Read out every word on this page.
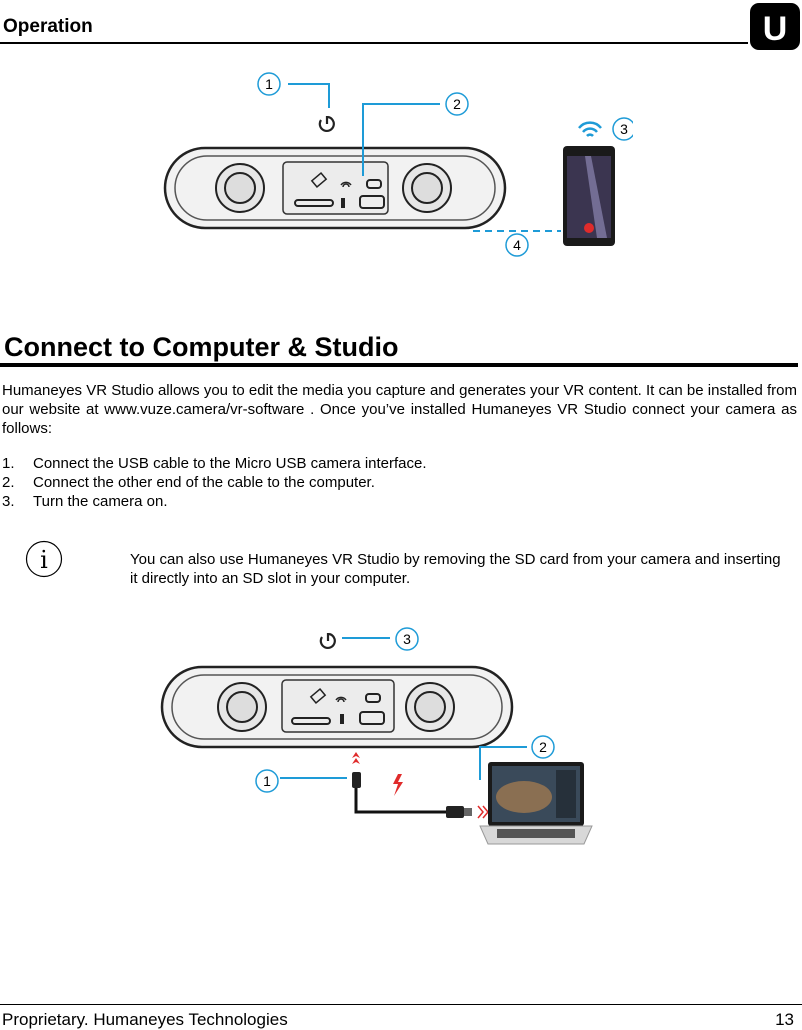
Operation	U
1
2
3
4
Connect to Computer & Studio
Humaneyes VR Studio allows you to edit the media you capture and generates your VR content. It can be installed from our website at www.vuze.camera/vr-software . Once you’ve installed Humaneyes VR Studio connect your camera as follows:
1. Connect the USB cable to the Micro USB camera interface.
2. Connect the other end of the cable to the computer.
3. Turn the camera on.
i	You can also use Humaneyes VR Studio by removing the SD card from your camera and inserting it directly into an SD slot in your computer.
3
2
1
Proprietary. Humaneyes Technologies	13
